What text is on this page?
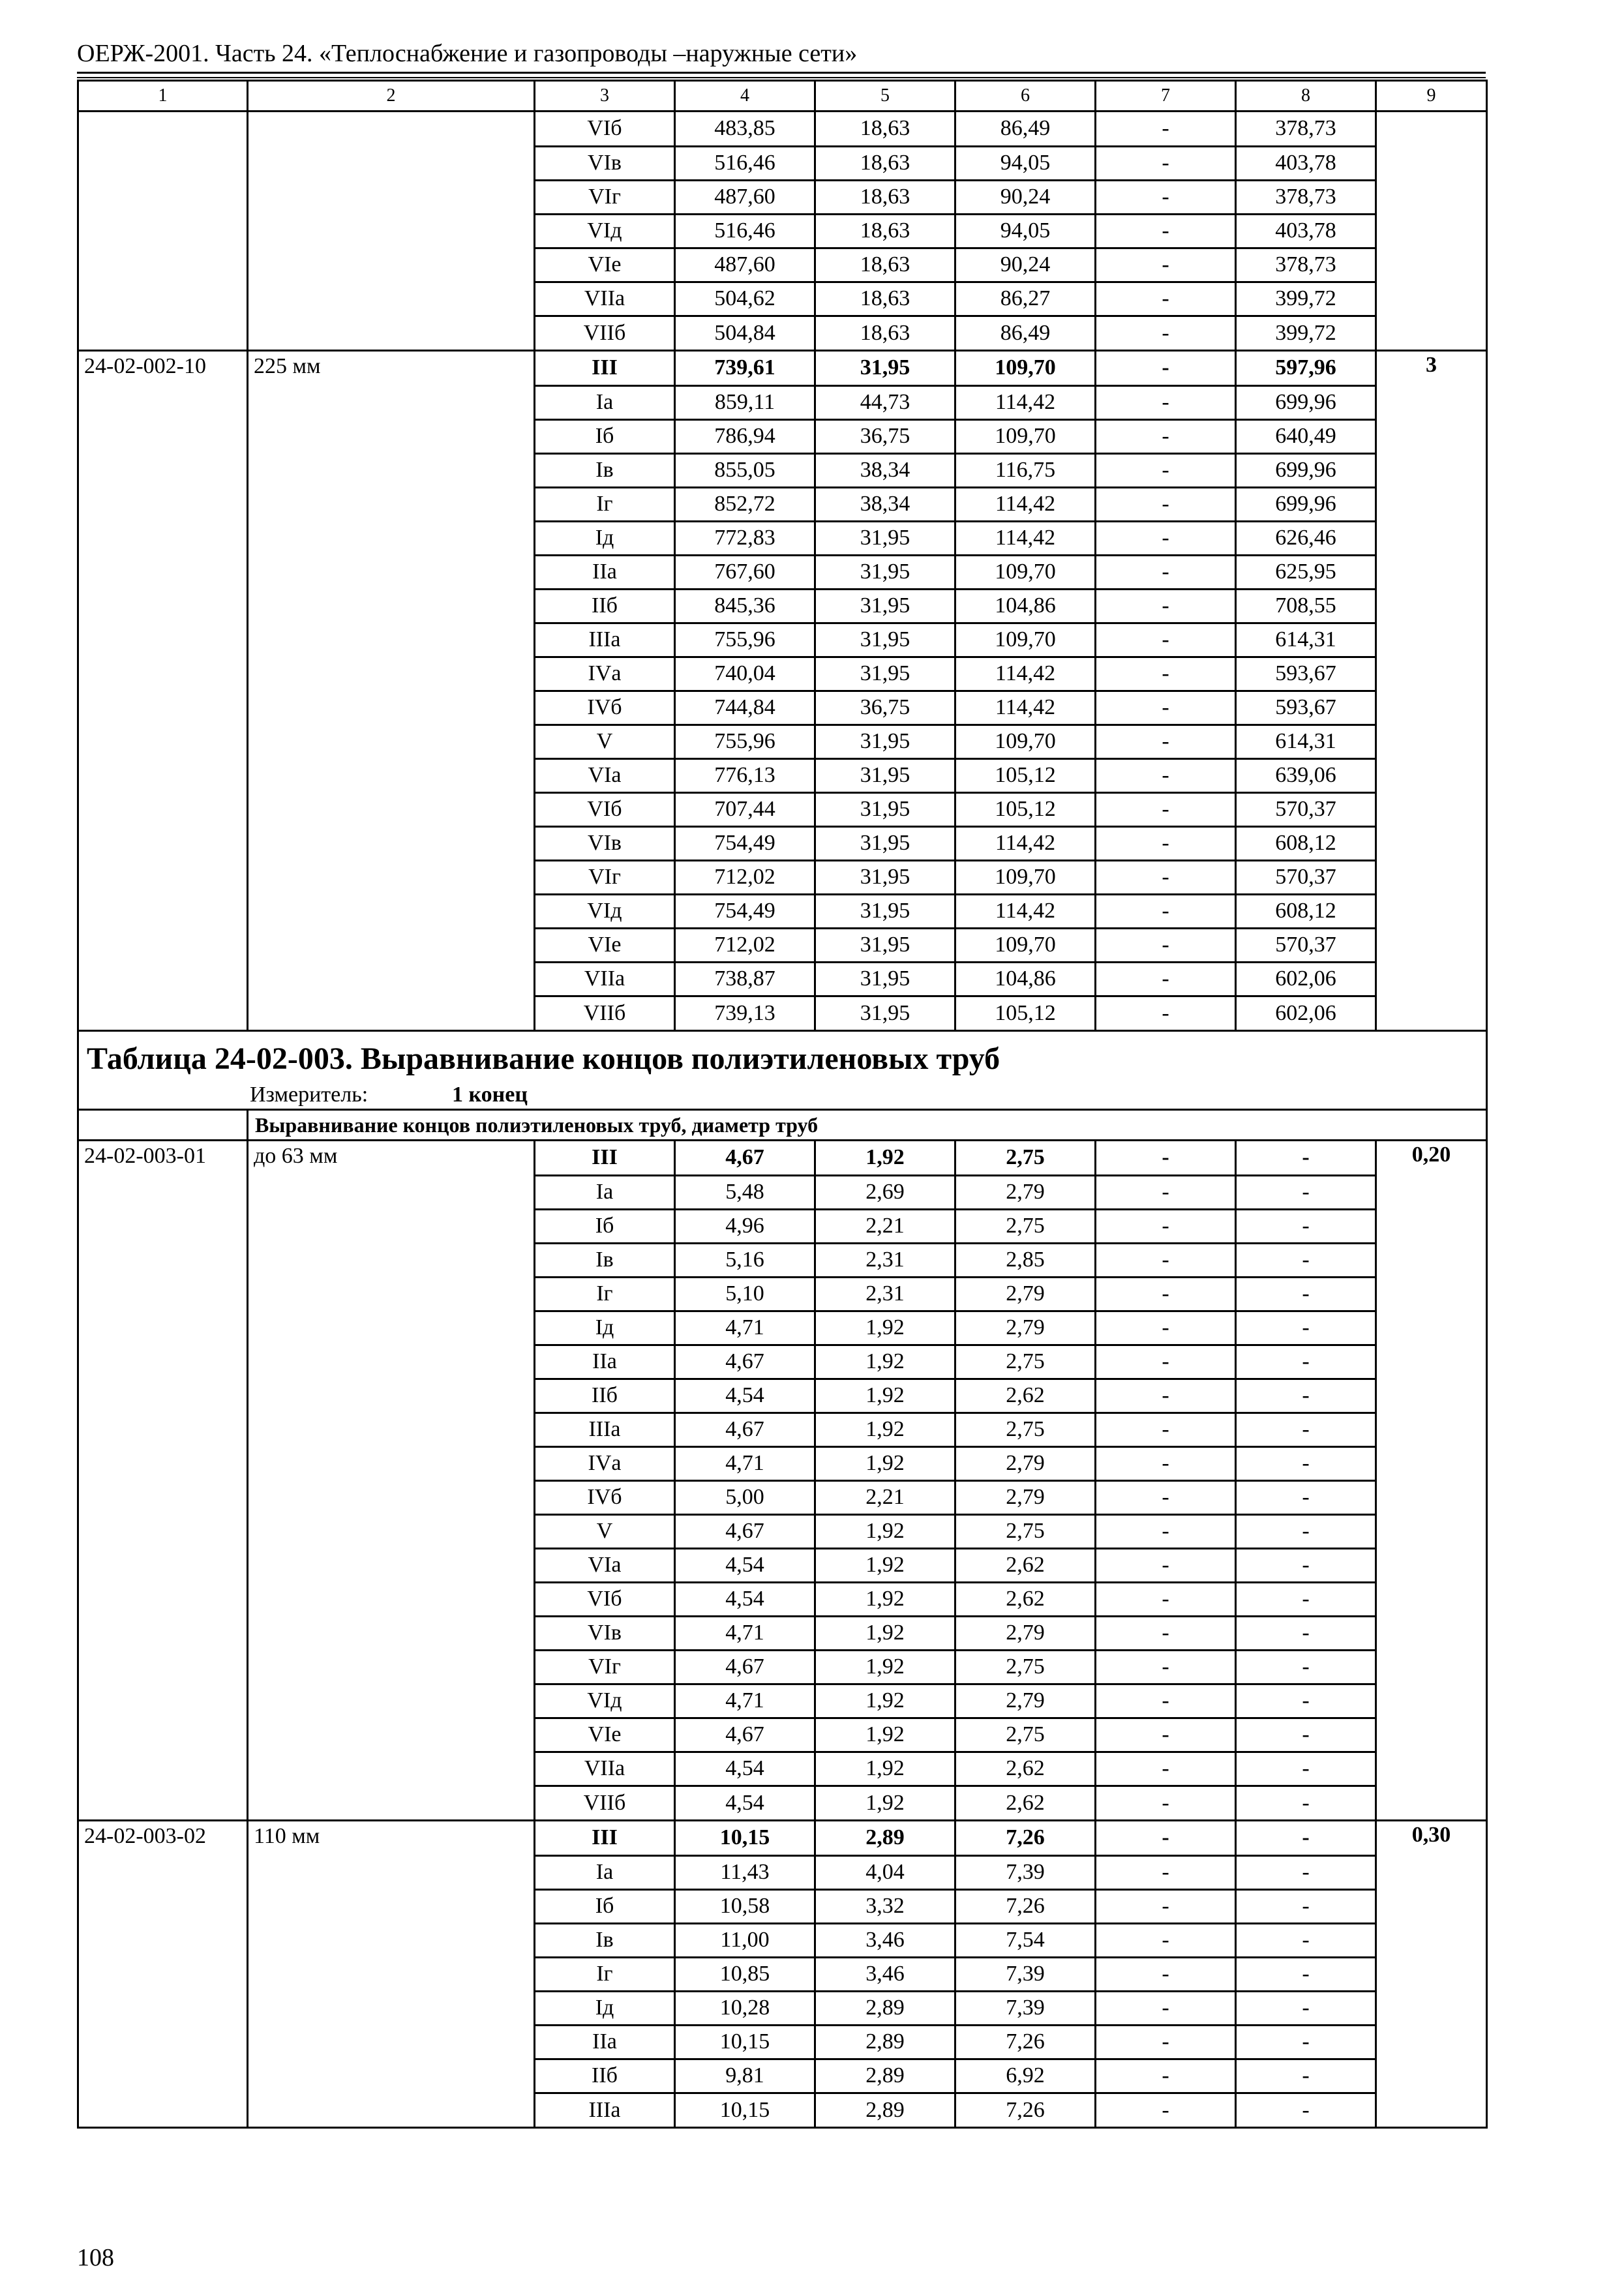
ОЕРЖ-2001. Часть 24. «Теплоснабжение и газопроводы –наружные сети»
1	2	3	4	5	6	7	8	9
		VIб	483,85	18,63	86,49	-	378,73	
		VIв	516,46	18,63	94,05	-	403,78	
		VIг	487,60	18,63	90,24	-	378,73	
		VIд	516,46	18,63	94,05	-	403,78	
		VIе	487,60	18,63	90,24	-	378,73	
		VIIа	504,62	18,63	86,27	-	399,72	
		VIIб	504,84	18,63	86,49	-	399,72	
24-02-002-10	225 мм	III	739,61	31,95	109,70	-	597,96	3
		Iа	859,11	44,73	114,42	-	699,96	
		Iб	786,94	36,75	109,70	-	640,49	
		Iв	855,05	38,34	116,75	-	699,96	
		Iг	852,72	38,34	114,42	-	699,96	
		Iд	772,83	31,95	114,42	-	626,46	
		IIа	767,60	31,95	109,70	-	625,95	
		IIб	845,36	31,95	104,86	-	708,55	
		IIIа	755,96	31,95	109,70	-	614,31	
		IVа	740,04	31,95	114,42	-	593,67	
		IVб	744,84	36,75	114,42	-	593,67	
		V	755,96	31,95	109,70	-	614,31	
		VIа	776,13	31,95	105,12	-	639,06	
		VIб	707,44	31,95	105,12	-	570,37	
		VIв	754,49	31,95	114,42	-	608,12	
		VIг	712,02	31,95	109,70	-	570,37	
		VIд	754,49	31,95	114,42	-	608,12	
		VIе	712,02	31,95	109,70	-	570,37	
		VIIа	738,87	31,95	104,86	-	602,06	
		VIIб	739,13	31,95	105,12	-	602,06	
Таблица 24-02-003. Выравнивание концов полиэтиленовых труб								
Измеритель: 1 конец								
	Выравнивание концов полиэтиленовых труб, диаметр труб							
24-02-003-01	до 63 мм	III	4,67	1,92	2,75	-	-	0,20
		Iа	5,48	2,69	2,79	-	-	
		Iб	4,96	2,21	2,75	-	-	
		Iв	5,16	2,31	2,85	-	-	
		Iг	5,10	2,31	2,79	-	-	
		Iд	4,71	1,92	2,79	-	-	
		IIа	4,67	1,92	2,75	-	-	
		IIб	4,54	1,92	2,62	-	-	
		IIIа	4,67	1,92	2,75	-	-	
		IVа	4,71	1,92	2,79	-	-	
		IVб	5,00	2,21	2,79	-	-	
		V	4,67	1,92	2,75	-	-	
		VIа	4,54	1,92	2,62	-	-	
		VIб	4,54	1,92	2,62	-	-	
		VIв	4,71	1,92	2,79	-	-	
		VIг	4,67	1,92	2,75	-	-	
		VIд	4,71	1,92	2,79	-	-	
		VIе	4,67	1,92	2,75	-	-	
		VIIа	4,54	1,92	2,62	-	-	
		VIIб	4,54	1,92	2,62	-	-	
24-02-003-02	110 мм	III	10,15	2,89	7,26	-	-	0,30
		Iа	11,43	4,04	7,39	-	-	
		Iб	10,58	3,32	7,26	-	-	
		Iв	11,00	3,46	7,54	-	-	
		Iг	10,85	3,46	7,39	-	-	
		Iд	10,28	2,89	7,39	-	-	
		IIа	10,15	2,89	7,26	-	-	
		IIб	9,81	2,89	6,92	-	-	
		IIIа	10,15	2,89	7,26	-	-	
108
